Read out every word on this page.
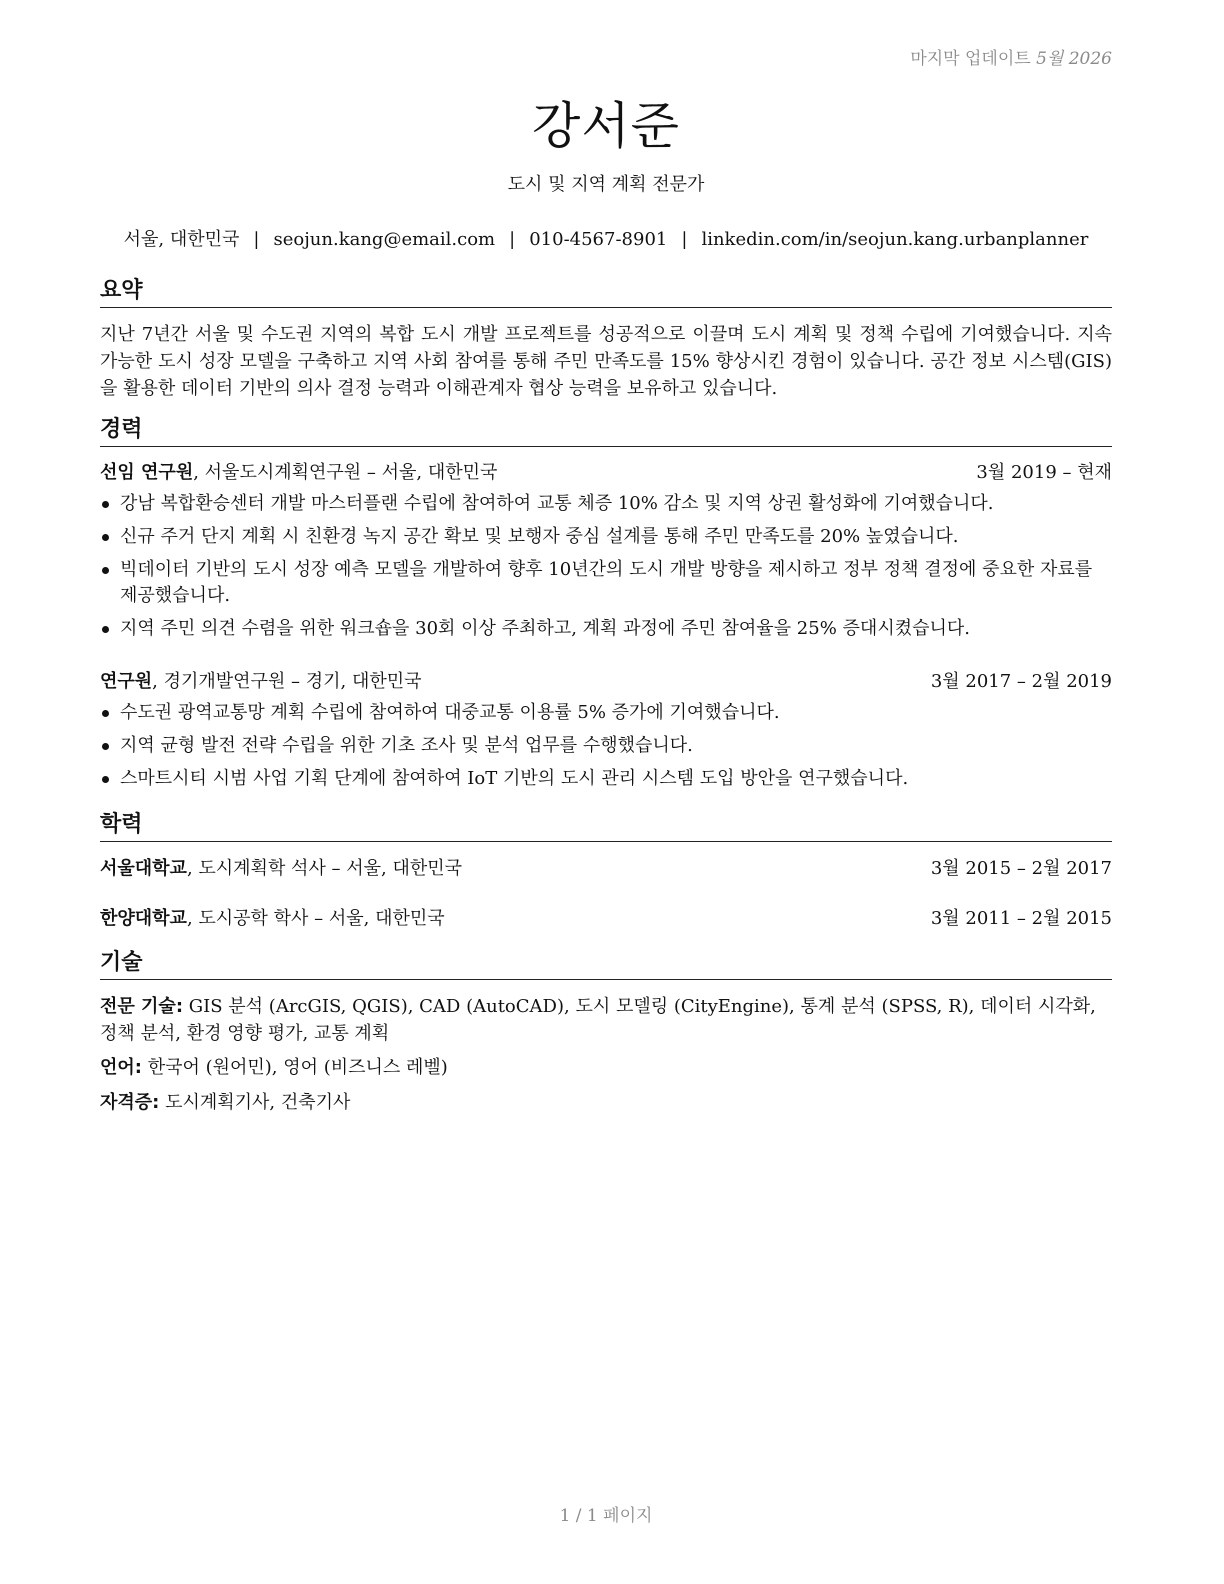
마지막 업데이트 5월 2026
강서준
도시 및 지역 계획 전문가
서울, 대한민국 | seojun.kang@email.com | 010-4567-8901 | linkedin.com/in/seojun.kang.urbanplanner
요약

지난 7년간 서울 및 수도권 지역의 복합 도시 개발 프로젝트를 성공적으로 이끌며 도시 계획 및 정책 수립에 기여했습니다. 지속 가능한 도시 성장 모델을 구축하고 지역 사회 참여를 통해 주민 만족도를 15% 향상시킨 경험이 있습니다. 공간 정보 시스템(GIS)을 활용한 데이터 기반의 의사 결정 능력과 이해관계자 협상 능력을 보유하고 있습니다.

경력
선임 연구원, 서울도시계획연구원 – 서울, 대한민국	3월 2019 – 현재
강남 복합환승센터 개발 마스터플랜 수립에 참여하여 교통 체증 10% 감소 및 지역 상권 활성화에 기여했습니다.
신규 주거 단지 계획 시 친환경 녹지 공간 확보 및 보행자 중심 설계를 통해 주민 만족도를 20% 높였습니다.
빅데이터 기반의 도시 성장 예측 모델을 개발하여 향후 10년간의 도시 개발 방향을 제시하고 정부 정책 결정에 중요한 자료를 제공했습니다.
지역 주민 의견 수렴을 위한 워크숍을 30회 이상 주최하고, 계획 과정에 주민 참여율을 25% 증대시켰습니다.
연구원, 경기개발연구원 – 경기, 대한민국	3월 2017 – 2월 2019
수도권 광역교통망 계획 수립에 참여하여 대중교통 이용률 5% 증가에 기여했습니다.
지역 균형 발전 전략 수립을 위한 기초 조사 및 분석 업무를 수행했습니다.
스마트시티 시범 사업 기획 단계에 참여하여 IoT 기반의 도시 관리 시스템 도입 방안을 연구했습니다.
학력
서울대학교, 도시계획학 석사 – 서울, 대한민국	3월 2015 – 2월 2017
한양대학교, 도시공학 학사 – 서울, 대한민국	3월 2011 – 2월 2015
기술
전문 기술: GIS 분석 (ArcGIS, QGIS), CAD (AutoCAD), 도시 모델링 (CityEngine), 통계 분석 (SPSS, R), 데이터 시각화, 정책 분석, 환경 영향 평가, 교통 계획
언어: 한국어 (원어민), 영어 (비즈니스 레벨)
자격증: 도시계획기사, 건축기사
1 / 1 페이지
